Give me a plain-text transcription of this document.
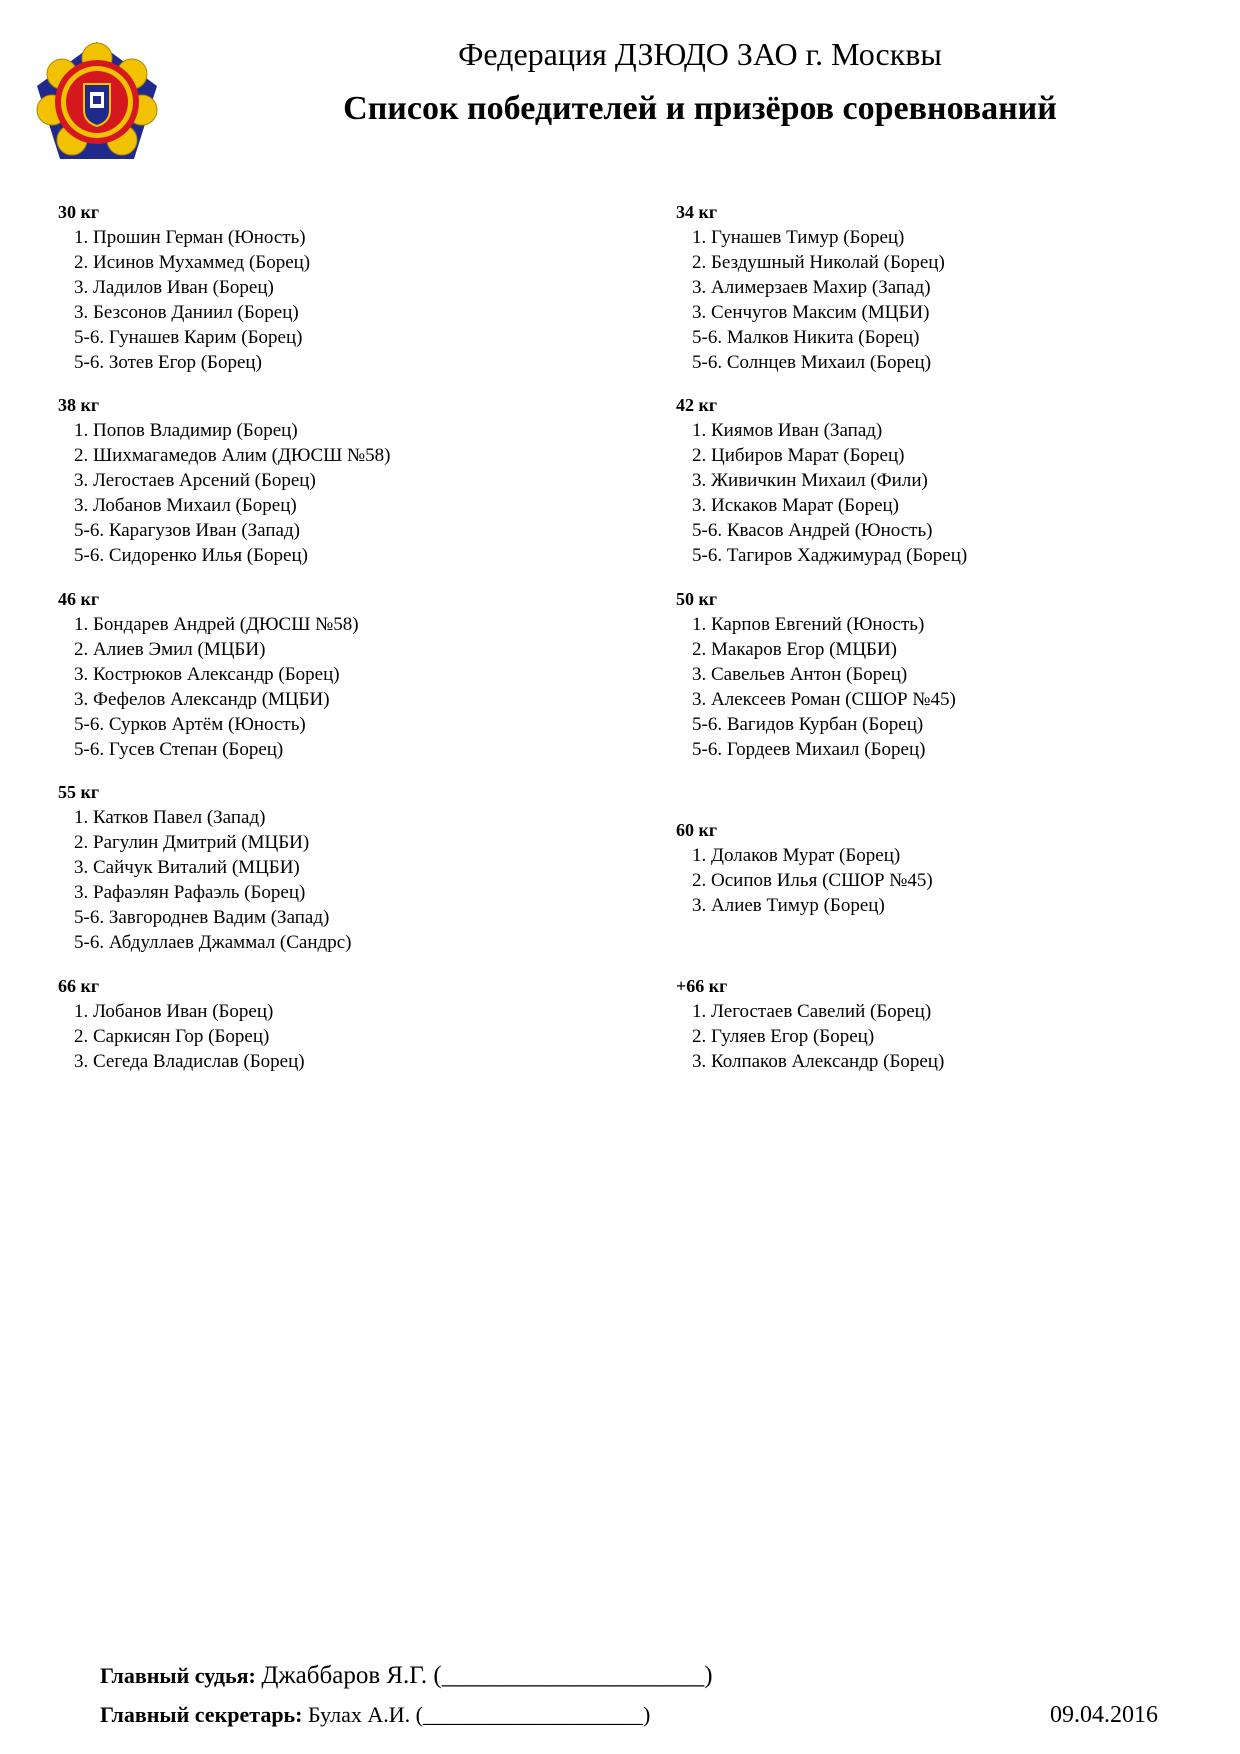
Федерация ДЗЮДО ЗАО г. Москвы
Список победителей и призёров соревнований
30 кг
1. Прошин Герман (Юность)
2. Исинов Мухаммед (Борец)
3. Ладилов Иван (Борец)
3. Безсонов Даниил (Борец)
5-6. Гунашев Карим (Борец)
5-6. Зотев Егор (Борец)
34 кг
1. Гунашев Тимур (Борец)
2. Бездушный Николай (Борец)
3. Алимерзаев Махир (Запад)
3. Сенчугов Максим (МЦБИ)
5-6. Малков Никита (Борец)
5-6. Солнцев Михаил (Борец)
38 кг
1. Попов Владимир (Борец)
2. Шихмагамедов Алим (ДЮСШ №58)
3. Легостаев Арсений (Борец)
3. Лобанов Михаил (Борец)
5-6. Карагузов Иван (Запад)
5-6. Сидоренко Илья (Борец)
42 кг
1. Киямов Иван (Запад)
2. Цибиров Марат (Борец)
3. Живичкин Михаил (Фили)
3. Искаков Марат (Борец)
5-6. Квасов Андрей (Юность)
5-6. Тагиров Хаджимурад (Борец)
46 кг
1. Бондарев Андрей (ДЮСШ №58)
2. Алиев Эмил (МЦБИ)
3. Кострюков Александр (Борец)
3. Фефелов Александр (МЦБИ)
5-6. Сурков Артём (Юность)
5-6. Гусев Степан (Борец)
50 кг
1. Карпов Евгений (Юность)
2. Макаров Егор (МЦБИ)
3. Савельев Антон (Борец)
3. Алексеев Роман (СШОР №45)
5-6. Вагидов Курбан (Борец)
5-6. Гордеев Михаил (Борец)
55 кг
1. Катков Павел (Запад)
2. Рагулин Дмитрий (МЦБИ)
3. Сайчук Виталий (МЦБИ)
3. Рафаэлян Рафаэль (Борец)
5-6. Завгороднев Вадим (Запад)
5-6. Абдуллаев Джаммал (Сандрс)
60 кг
1. Долаков Мурат (Борец)
2. Осипов Илья (СШОР №45)
3. Алиев Тимур (Борец)
66 кг
1. Лобанов Иван (Борец)
2. Саркисян Гор (Борец)
3. Сегеда Владислав (Борец)
+66 кг
1. Легостаев Савелий (Борец)
2. Гуляев Егор (Борец)
3. Колпаков Александр (Борец)
Главный судья: Джаббаров Я.Г. (_____________________)
Главный секретарь: Булах А.И. (____________________)	09.04.2016
